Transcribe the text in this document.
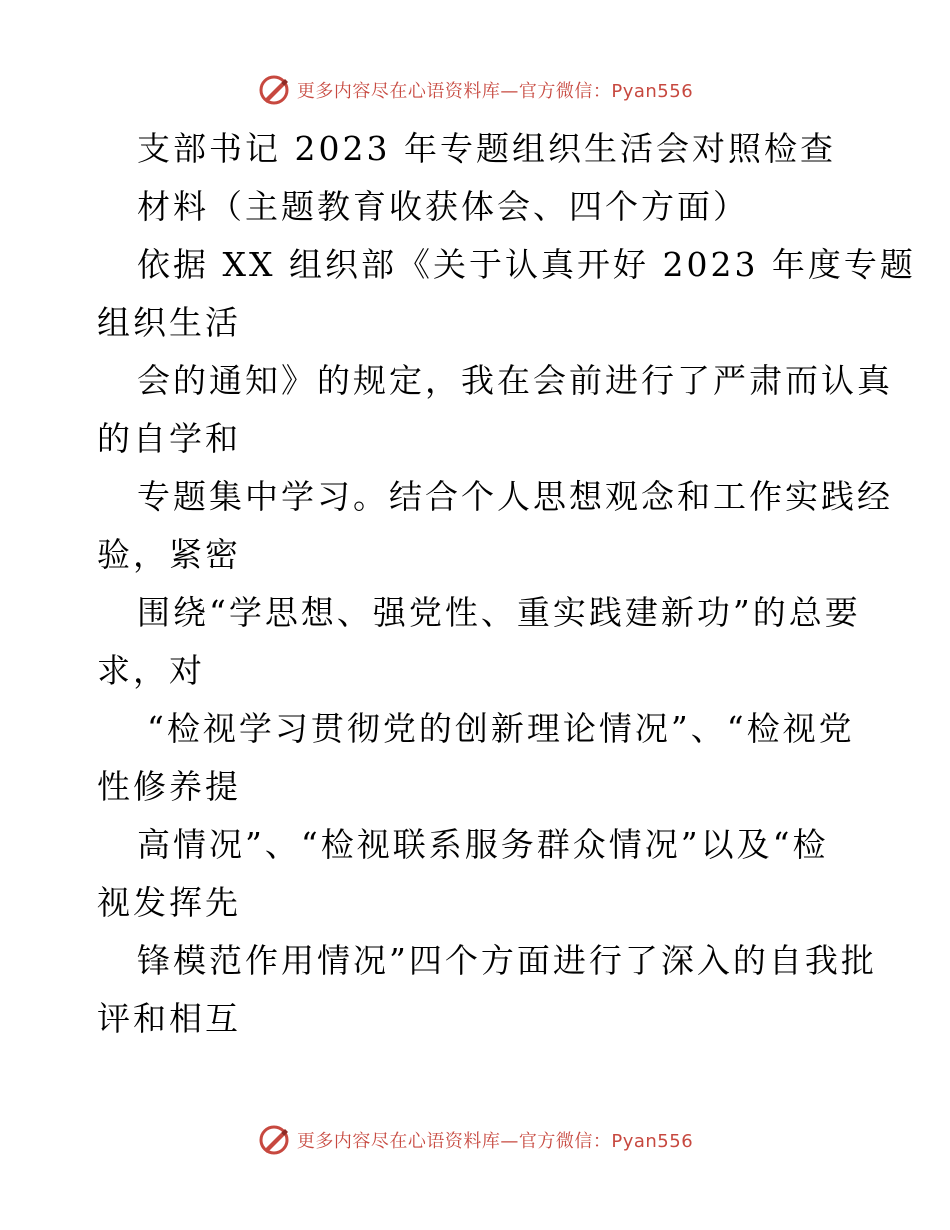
更多内容尽在心语资料库—官方微信：Pyan556
支部书记 2023 年专题组织生活会对照检查
材料（主题教育收获体会、四个方面）
依据 XX 组织部《关于认真开好 2023 年度专题
组织生活
会的通知》的规定，我在会前进行了严肃而认真
的自学和
专题集中学习。结合个人思想观念和工作实践经
验，紧密
围绕“学思想、强党性、重实践建新功”的总要
求，对
“检视学习贯彻党的创新理论情况”、“检视党
性修养提
高情况”、“检视联系服务群众情况”以及“检
视发挥先
锋模范作用情况”四个方面进行了深入的自我批
评和相互
更多内容尽在心语资料库—官方微信：Pyan556
